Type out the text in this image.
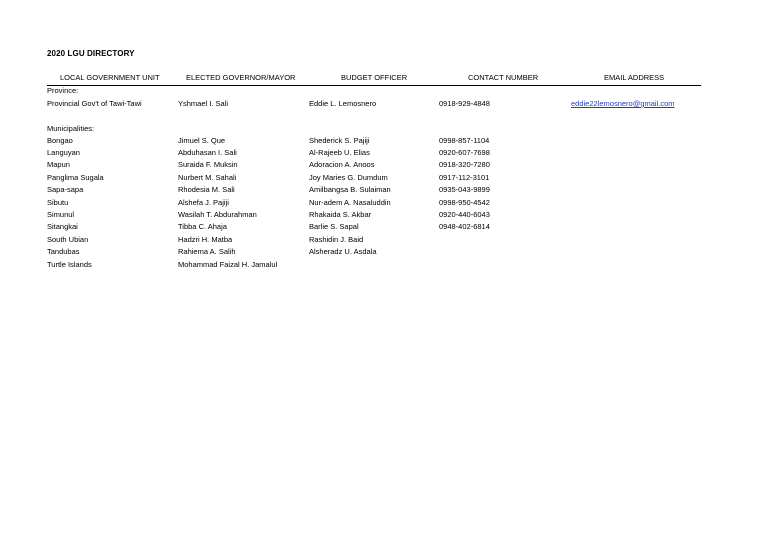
2020 LGU DIRECTORY
LOCAL GOVERNMENT UNIT	ELECTED GOVERNOR/MAYOR	BUDGET OFFICER	CONTACT NUMBER	EMAIL ADDRESS
Province:
Provincial Gov't of Tawi-Tawi	Yshmael I. Sali	Eddie L. Lemosnero	0918-929-4848	eddie22lemosnero@gmail.com
Municipalities:
Bongao	Jimuel S. Que	Shederick S. Pajiji	0998-857-1104
Languyan	Abduhasan I. Sali	Al-Rajeeb U. Elias	0920-607-7698
Mapun	Suraida F. Muksin	Adoracion A. Anoos	0918-320-7280
Panglima Sugala	Nurbert M. Sahali	Joy Maries G. Dumdum	0917-112-3101
Sapa-sapa	Rhodesia M. Sali	Amilbangsa B. Sulaiman	0935-043-9899
Sibutu	Alshefa J. Pajiji	Nur-adem A. Nasaluddin	0998-950-4542
Simunul	Wasilah T. Abdurahman	Rhakaida S. Akbar	0920-440-6043
Sitangkai	Tibba C. Ahaja	Barlie S. Sapal	0948-402-6814
South Ubian	Hadzri H. Matba	Rashidin J. Baid
Tandubas	Rahiema A. Salih	Alsheradz U. Asdala
Turtle Islands	Mohammad Faizal H. Jamalul
